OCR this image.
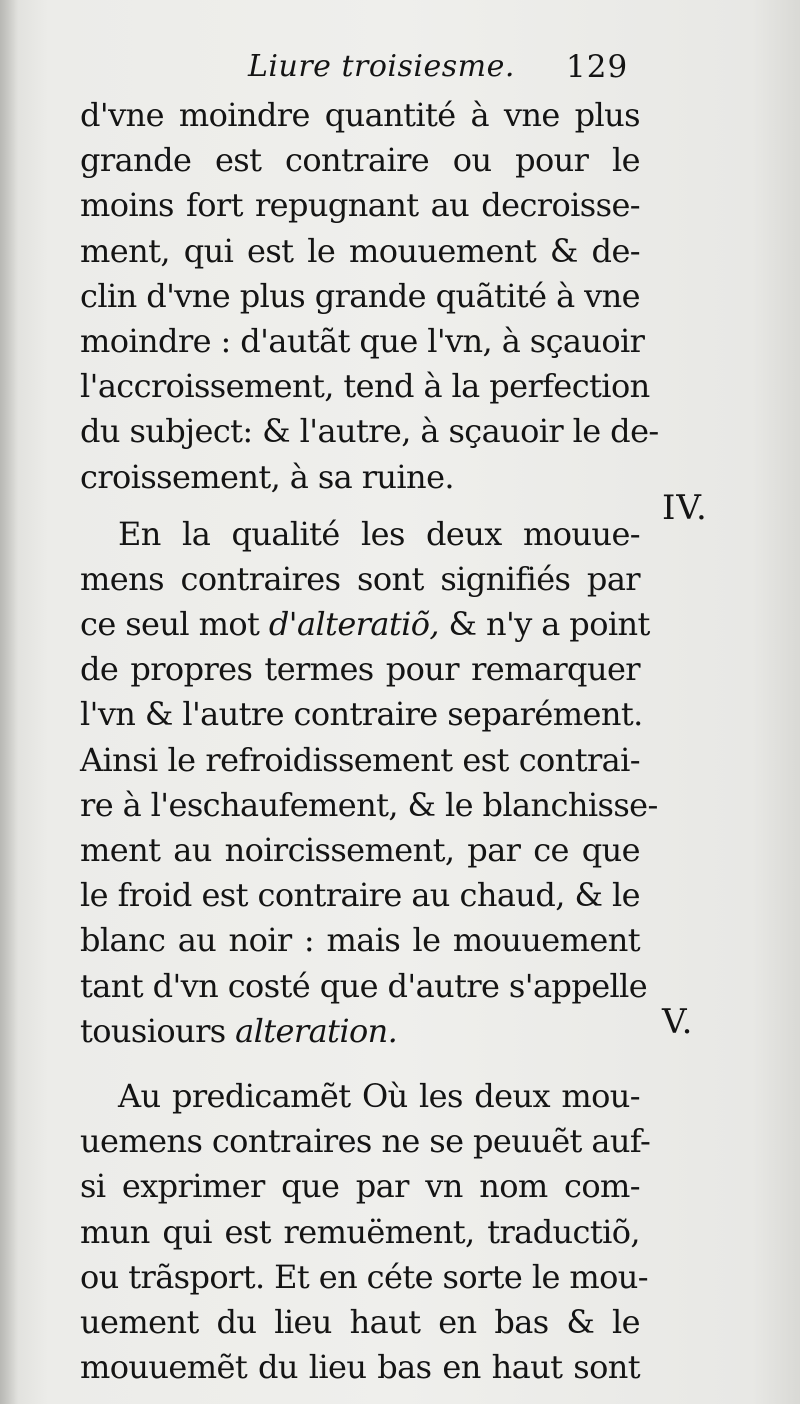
Liure troisiesme. 129
d'vne moindre quantité à vne plus
grande est contraire ou pour le
moins fort repugnant au decroisse-
ment, qui est le mouuement & de-
clin d'vne plus grande quãtité à vne
moindre : d'autãt que l'vn, à sçauoir
l'accroissement, tend à la perfection
du subject: & l'autre, à sçauoir le de-
croissement, à sa ruine.
En la qualité les deux mouue-
mens contraires sont signifiés par
ce seul mot d'alteratiõ, & n'y a point
de propres termes pour remarquer
l'vn & l'autre contraire separément.
Ainsi le refroidissement est contrai-
re à l'eschaufement, & le blanchisse-
ment au noircissement, par ce que
le froid est contraire au chaud, & le
blanc au noir : mais le mouuement
tant d'vn costé que d'autre s'appelle
tousiours alteration.
Au predicamẽt Où les deux mou-
uemens contraires ne se peuuẽt auf-
si exprimer que par vn nom com-
mun qui est remuëment, traductiõ,
ou trãsport. Et en céte sorte le mou-
uement du lieu haut en bas & le
mouuemẽt du lieu bas en haut sont
IV.
V.
